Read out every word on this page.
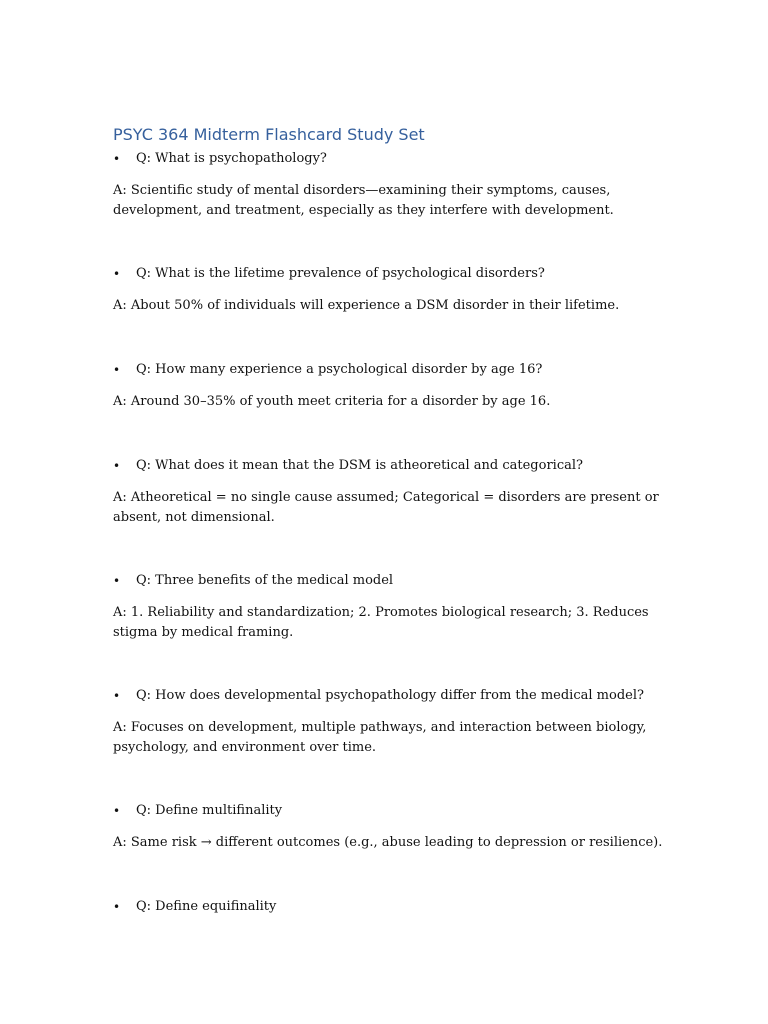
PSYC 364 Midterm Flashcard Study Set
• Q: What is psychopathology?

A: Scientific study of mental disorders—examining their symptoms, causes, development, and treatment, especially as they interfere with development.

• Q: What is the lifetime prevalence of psychological disorders?

A: About 50% of individuals will experience a DSM disorder in their lifetime.

• Q: How many experience a psychological disorder by age 16?

A: Around 30–35% of youth meet criteria for a disorder by age 16.

• Q: What does it mean that the DSM is atheoretical and categorical?

A: Atheoretical = no single cause assumed; Categorical = disorders are present or absent, not dimensional.

• Q: Three benefits of the medical model

A: 1. Reliability and standardization; 2. Promotes biological research; 3. Reduces stigma by medical framing.

• Q: How does developmental psychopathology differ from the medical model?

A: Focuses on development, multiple pathways, and interaction between biology, psychology, and environment over time.

• Q: Define multifinality

A: Same risk → different outcomes (e.g., abuse leading to depression or resilience).

• Q: Define equifinality
